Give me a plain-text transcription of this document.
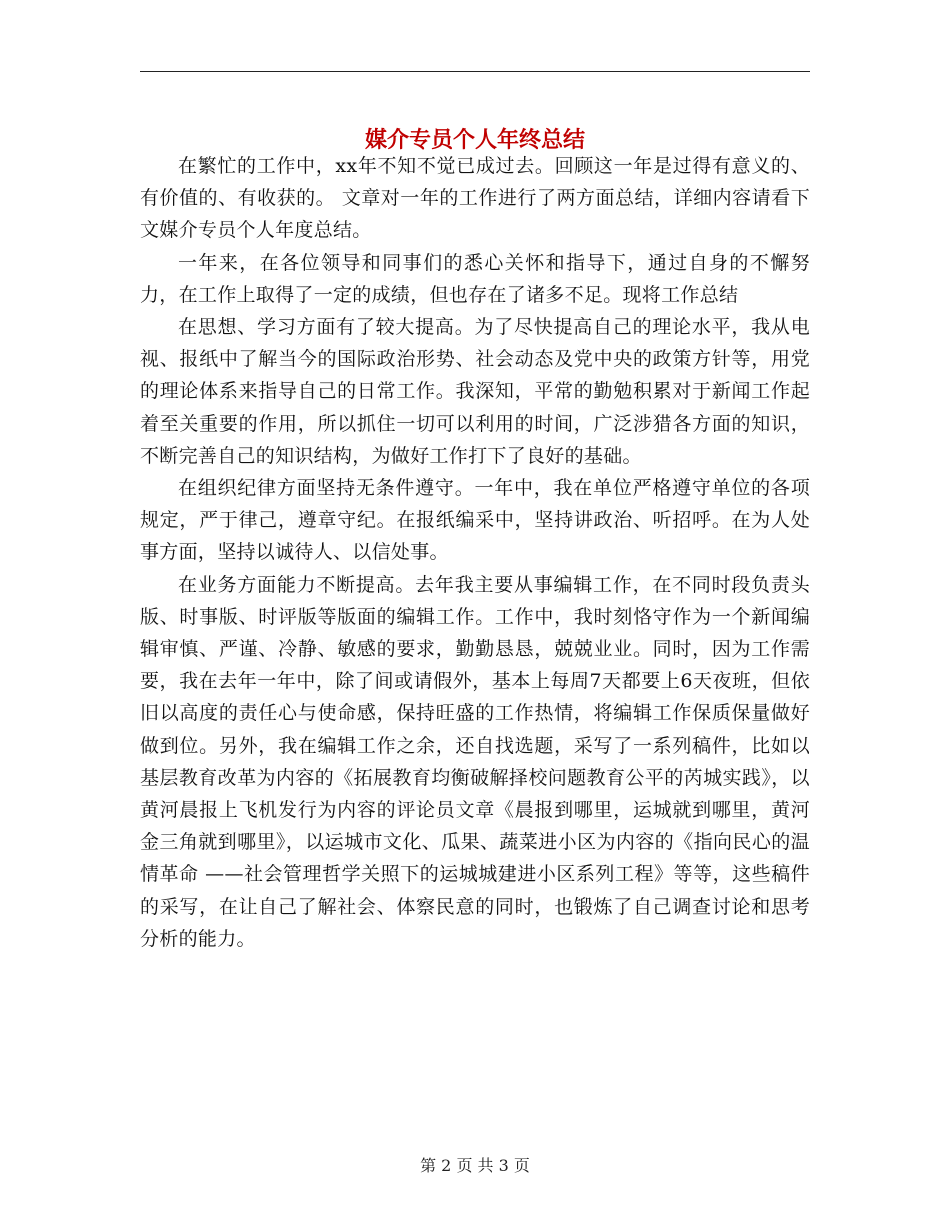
媒介专员个人年终总结

在繁忙的工作中，xx年不知不觉已成过去。回顾这一年是过得有意义的、有价值的、有收获的。 文章对一年的工作进行了两方面总结，详细内容请看下文媒介专员个人年度总结。

一年来，在各位领导和同事们的悉心关怀和指导下，通过自身的不懈努力，在工作上取得了一定的成绩，但也存在了诸多不足。现将工作总结

在思想、学习方面有了较大提高。为了尽快提高自己的理论水平，我从电视、报纸中了解当今的国际政治形势、社会动态及党中央的政策方针等，用党的理论体系来指导自己的日常工作。我深知，平常的勤勉积累对于新闻工作起着至关重要的作用，所以抓住一切可以利用的时间，广泛涉猎各方面的知识，不断完善自己的知识结构，为做好工作打下了良好的基础。

在组织纪律方面坚持无条件遵守。一年中，我在单位严格遵守单位的各项规定，严于律己，遵章守纪。在报纸编采中，坚持讲政治、听招呼。在为人处事方面，坚持以诚待人、以信处事。

在业务方面能力不断提高。去年我主要从事编辑工作，在不同时段负责头版、时事版、时评版等版面的编辑工作。工作中，我时刻恪守作为一个新闻编辑审慎、严谨、冷静、敏感的要求，勤勤恳恳，兢兢业业。同时，因为工作需要，我在去年一年中，除了间或请假外，基本上每周7天都要上6天夜班，但依旧以高度的责任心与使命感，保持旺盛的工作热情，将编辑工作保质保量做好做到位。另外，我在编辑工作之余，还自找选题，采写了一系列稿件，比如以基层教育改革为内容的《拓展教育均衡破解择校问题教育公平的芮城实践》，以黄河晨报上飞机发行为内容的评论员文章《晨报到哪里，运城就到哪里，黄河金三角就到哪里》，以运城市文化、瓜果、蔬菜进小区为内容的《指向民心的温情革命 ——社会管理哲学关照下的运城城建进小区系列工程》等等，这些稿件的采写，在让自己了解社会、体察民意的同时，也锻炼了自己调查讨论和思考分析的能力。

第 2 页 共 3 页
